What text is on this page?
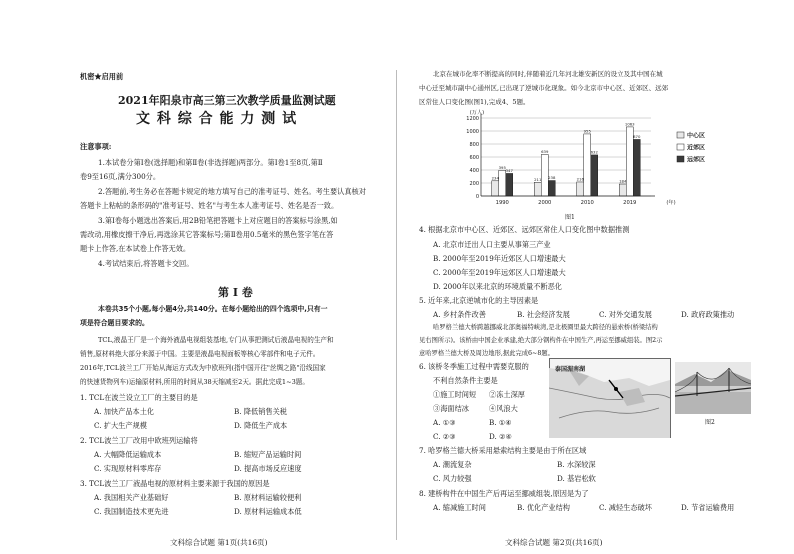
机密★启用前
2021年阳泉市高三第三次教学质量监测试题
文 科 综 合 能 力 测 试
注意事项:
1.本试卷分第Ⅰ卷(选择题)和第Ⅱ卷(非选择题)两部分。第Ⅰ卷1至8页,第Ⅱ
卷9至16页,满分300分。
2.答题前,考生务必在答题卡规定的地方填写自己的准考证号、姓名。考生要认真核对
答题卡上粘帖的条形码的"准考证号、姓名"与考生本人准考证号、姓名是否一致。
3.第Ⅰ卷每小题选出答案后,用2B铅笔把答题卡上对应题目的答案标号涂黑,如
需改动,用橡皮擦干净后,再选涂其它答案标号;第Ⅱ卷用0.5毫米的黑色签字笔在答
题卡上作答,在本试卷上作答无效。
4.考试结束后,将答题卡交回。
第 Ⅰ 卷
本卷共35个小题,每小题4分,共140分。在每小题给出的四个选项中,只有一
项是符合题目要求的。
TCL,液晶王厂是一个海外液晶电视组装基地,专门从事把测试后液晶电视的生产和
销售,原材料绝大部分来源于中国。主要是液晶电视面板等核心零部件和电子元件。
2016年,TCL波兰工厂开始从海运方式改为中欧班列(指中国开往"丝绸之路"沿线国家
的快速货物列车)运输原材料,所用的时间从38天缩减至2天。据此完成1~3题。
1. TCL在波兰设立工厂的主要目的是
A. 加快产品本土化	B. 降低销售关税
C. 扩大生产规模	D. 降低生产成本
2. TCL波兰工厂改用中欧班列运输将
A. 大幅降低运输成本	B. 缩短产品运输时间
C. 实现原材料零库存	D. 提高市场反应速度
3. TCL波兰工厂液晶电视的原材料主要来源于我国的原因是
A. 我国相关产业基础好	B. 原材料运输较便利
C. 我国制造技术更先进	D. 原材料运输成本低
文科综合试题 第1页(共16页)
北京在城市化率不断提高的同时,伴随着近几年河北雄安新区的设立及其中国在城
中心迁至城市副中心通州区,已出现了逆城市化现象。如今北京市中心区、近郊区、远郊
区常住人口变化图(图1),完成4、5题。
234
395
347
211
639
238	216
955
632
184
1063
870
0
200
400
600
800
1000
1200
(万人)
(年)
1990	2000	2010	2019
中心区
近郊区
远郊区
图1
4. 根据北京市中心区、近郊区、远郊区常住人口变化图中数据推测
A. 北京市迁出人口主要从事第三产业
B. 2000年至2019年近郊区人口增速最大
C. 2000年至2019年远郊区人口增速最大
D. 2000年以来北京的环境质量不断恶化
5. 近年来,北京逆城市化的主导因素是
A. 乡村条件改善	B. 社会经济发展	C. 对外交通发展	D. 政府政策推动
哈罗格兰德大桥跨越挪威北部奥福特峡湾,是北极圈里最大跨径的悬索桥(桥梁结构
见右图所示)。该桥由中国企业承建,绝大部分钢构件在中国生产,再运至挪威组装。图2示
意哈罗格兰德大桥及周边地形,据此完成6~8题。
6. 该桥冬季施工过程中需要克服的
不利自然条件主要是
①施工时间短 ②冻土深厚
③海面结冰	④风浪大
A. ①③	B. ①④
C. ②③	D. ②④
泰国湄南湖
图2
7. 哈罗格兰德大桥采用悬索结构主要是由于所在区域
A. 潮流复杂	B. 水深较深
C. 风力较强	D. 基岩松软
8. 建桥构件在中国生产后再运至挪威组装,原因是为了
A. 缩减施工时间	B. 优化产业结构	C. 减轻生态破坏	D. 节省运输费用
文科综合试题 第2页(共16页)
